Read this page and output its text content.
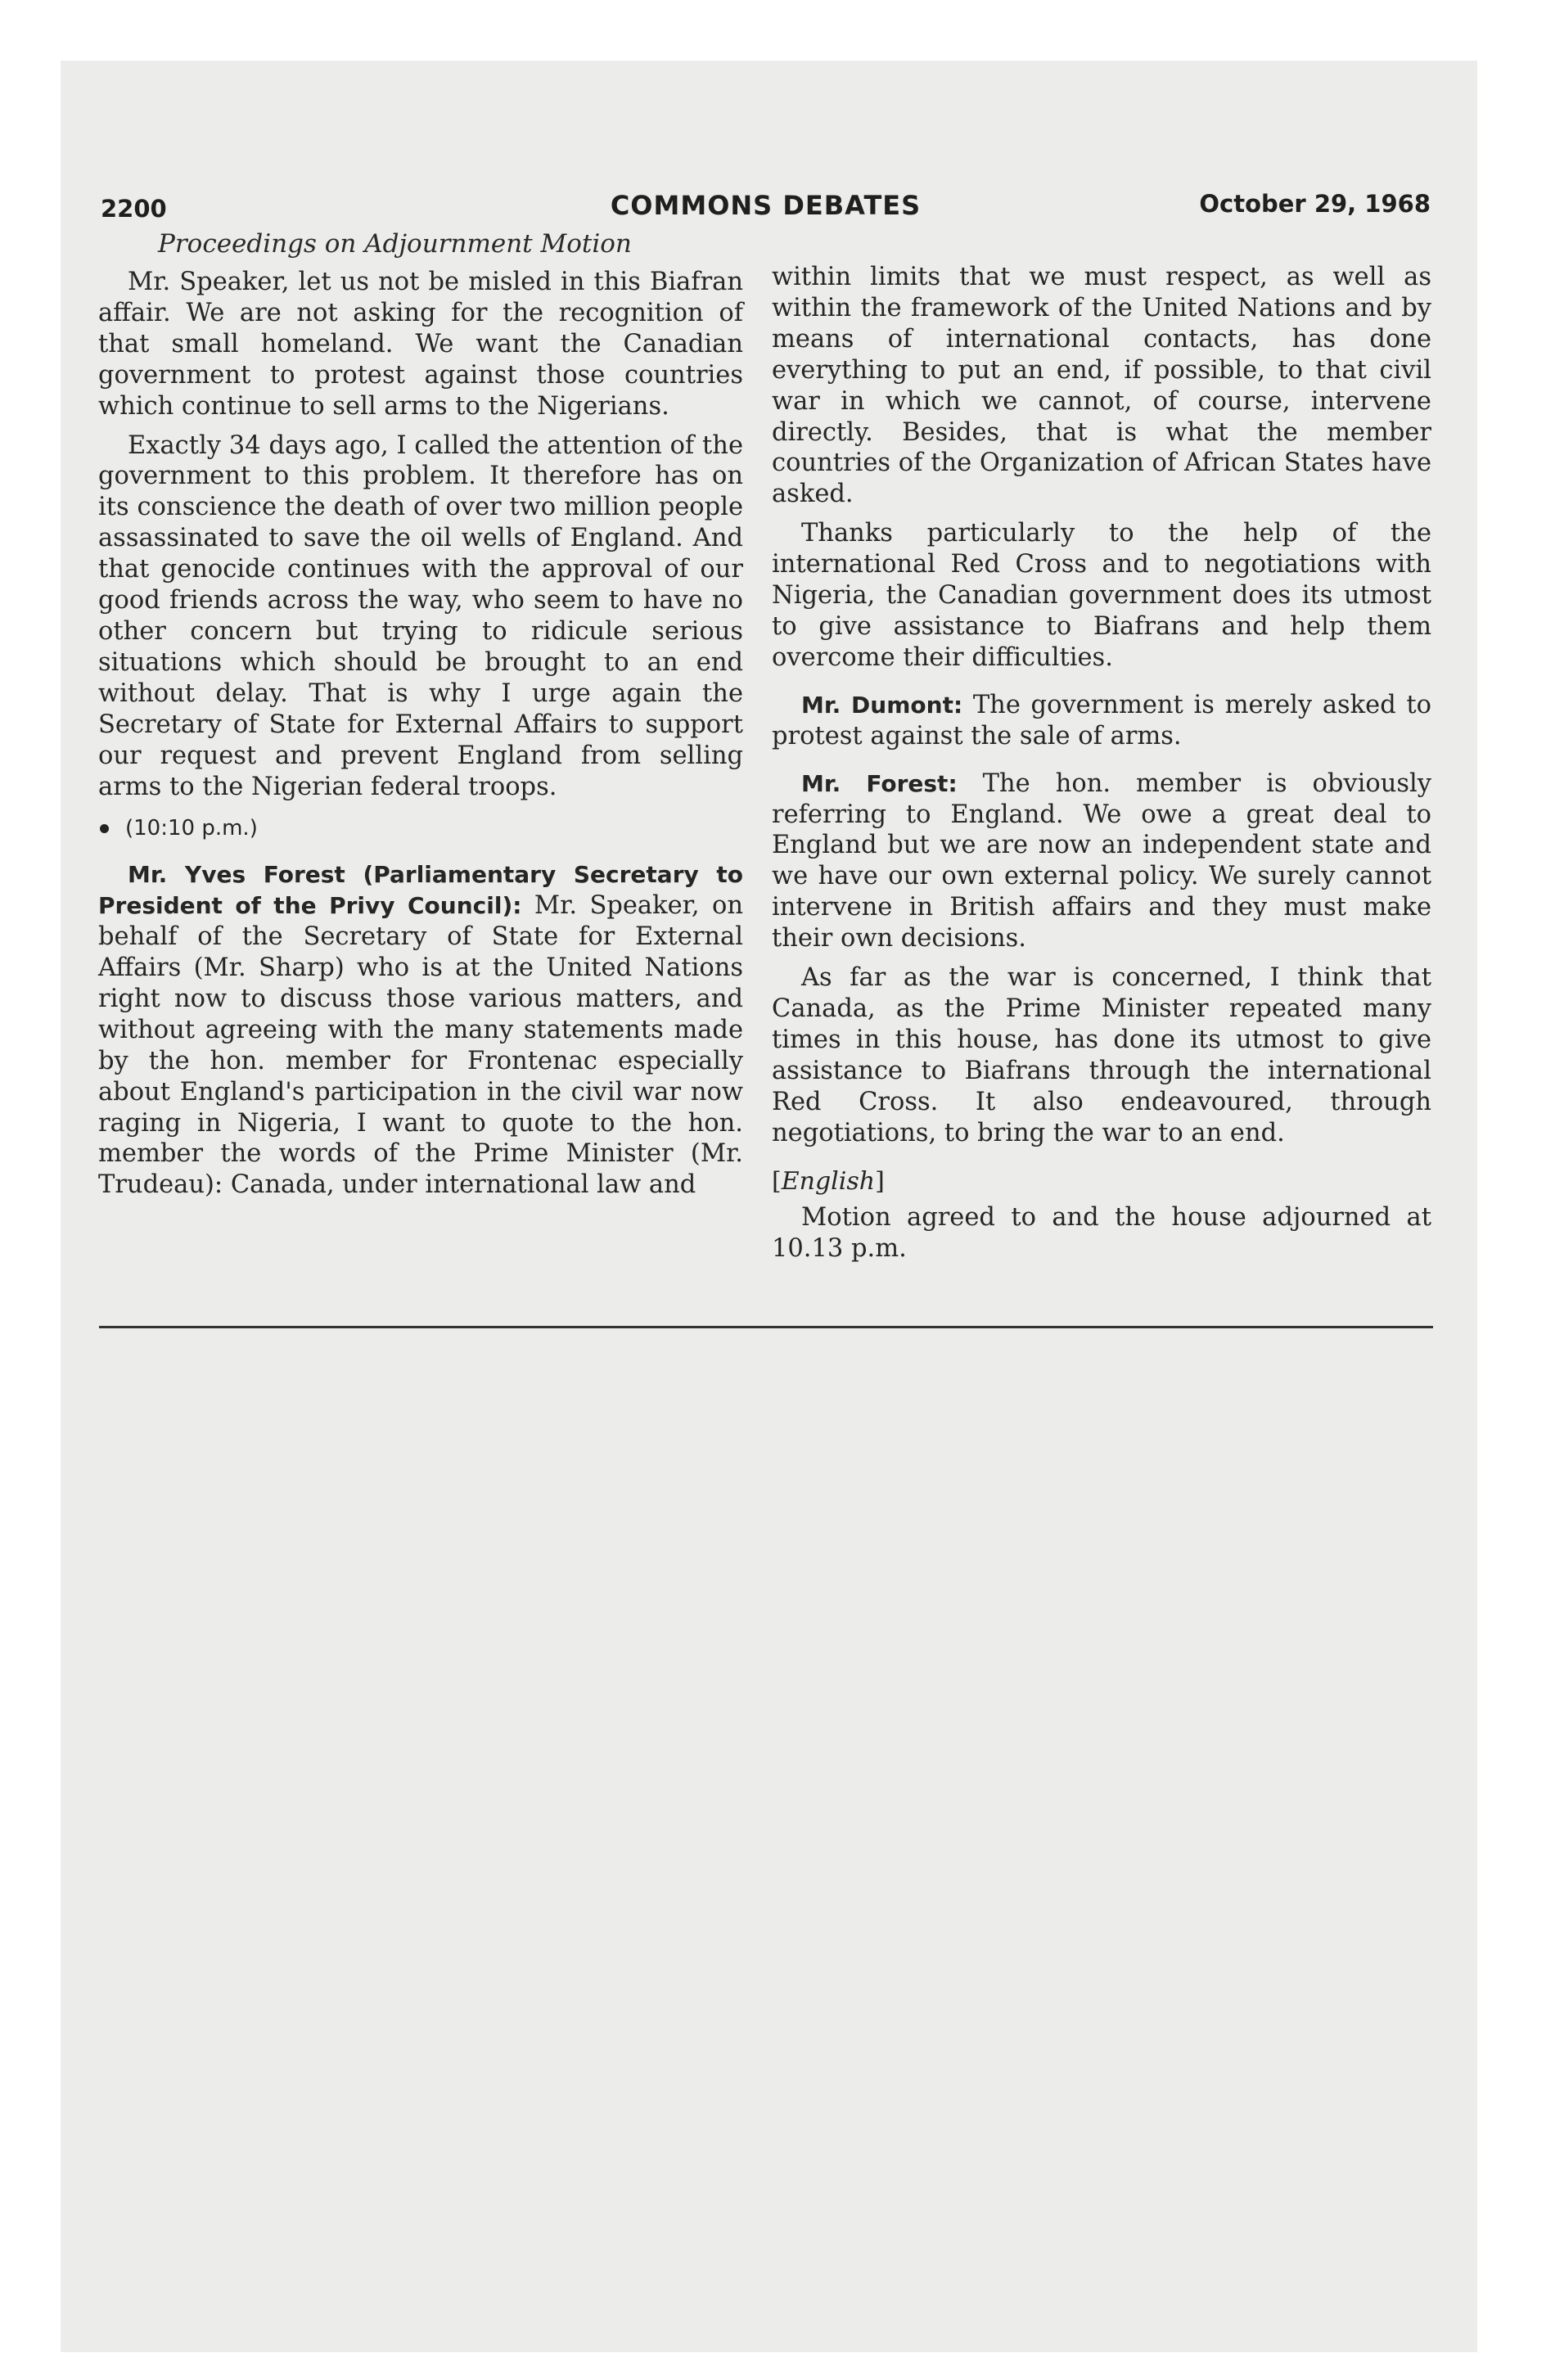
2200	COMMONS DEBATES	October 29, 1968
Proceedings on Adjournment Motion

Mr. Speaker, let us not be misled in this Biafran affair. We are not asking for the recognition of that small homeland. We want the Canadian government to protest against those countries which continue to sell arms to the Nigerians.

Exactly 34 days ago, I called the attention of the government to this problem. It therefore has on its conscience the death of over two million people assassinated to save the oil wells of England. And that genocide continues with the approval of our good friends across the way, who seem to have no other concern but trying to ridicule serious situations which should be brought to an end without delay. That is why I urge again the Secretary of State for External Affairs to support our request and prevent England from selling arms to the Nigerian federal troops.

(10:10 p.m.)

Mr. Yves Forest (Parliamentary Secretary to President of the Privy Council): Mr. Speaker, on behalf of the Secretary of State for External Affairs (Mr. Sharp) who is at the United Nations right now to discuss those various matters, and without agreeing with the many statements made by the hon. member for Frontenac especially about England's participation in the civil war now raging in Nigeria, I want to quote to the hon. member the words of the Prime Minister (Mr. Trudeau): Canada, under international law and

within limits that we must respect, as well as within the framework of the United Nations and by means of international contacts, has done everything to put an end, if possible, to that civil war in which we cannot, of course, intervene directly. Besides, that is what the member countries of the Organization of African States have asked.

Thanks particularly to the help of the international Red Cross and to negotiations with Nigeria, the Canadian government does its utmost to give assistance to Biafrans and help them overcome their difficulties.

Mr. Dumont: The government is merely asked to protest against the sale of arms.

Mr. Forest: The hon. member is obviously referring to England. We owe a great deal to England but we are now an independent state and we have our own external policy. We surely cannot intervene in British affairs and they must make their own decisions.

As far as the war is concerned, I think that Canada, as the Prime Minister repeated many times in this house, has done its utmost to give assistance to Biafrans through the international Red Cross. It also endeavoured, through negotiations, to bring the war to an end.

[English]

Motion agreed to and the house adjourned at 10.13 p.m.
